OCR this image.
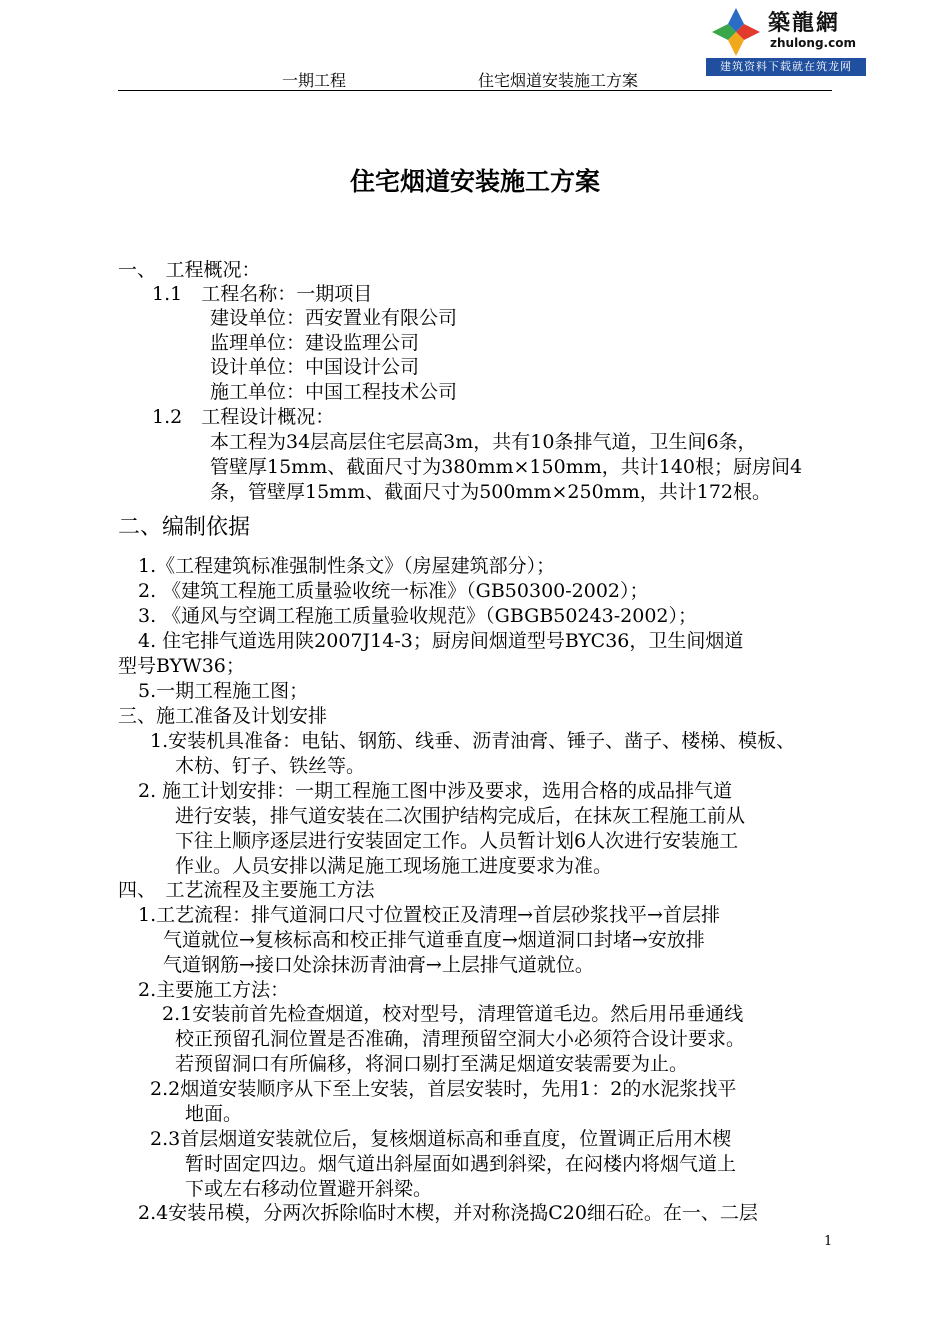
一期工程	住宅烟道安装施工方案
築龍網
zhulong.com
建筑资料下载就在筑龙网
住宅烟道安装施工方案
一、　工程概况：
1.1　工程名称：一期项目
建设单位：西安置业有限公司
监理单位：建设监理公司
设计单位：中国设计公司
施工单位：中国工程技术公司
1.2　工程设计概况：
本工程为34层高层住宅层高3m，共有10条排气道，卫生间6条，
管壁厚15mm、截面尺寸为380mm×150mm，共计140根；厨房间4
条，管壁厚15mm、截面尺寸为500mm×250mm，共计172根。
二、编制依据
1.《工程建筑标准强制性条文》（房屋建筑部分）；
2. 《建筑工程施工质量验收统一标准》（GB50300-2002）；
3. 《通风与空调工程施工质量验收规范》（GBGB50243-2002）；
4. 住宅排气道选用陕2007J14-3；厨房间烟道型号BYC36，卫生间烟道
型号BYW36；
5.一期工程施工图；
三、施工准备及计划安排
1.安装机具准备：电钻、钢筋、线垂、沥青油膏、锤子、凿子、楼梯、模板、
木枋、钉子、铁丝等。
2. 施工计划安排：一期工程施工图中涉及要求，选用合格的成品排气道
进行安装，排气道安装在二次围护结构完成后，在抹灰工程施工前从
下往上顺序逐层进行安装固定工作。人员暂计划6人次进行安装施工
作业。人员安排以满足施工现场施工进度要求为准。
四、　工艺流程及主要施工方法
1.工艺流程：排气道洞口尺寸位置校正及清理→首层砂浆找平→首层排
气道就位→复核标高和校正排气道垂直度→烟道洞口封堵→安放排
气道钢筋→接口处涂抹沥青油膏→上层排气道就位。
2.主要施工方法：
2.1安装前首先检查烟道，校对型号，清理管道毛边。然后用吊垂通线
校正预留孔洞位置是否准确，清理预留空洞大小必须符合设计要求。
若预留洞口有所偏移，将洞口剔打至满足烟道安装需要为止。
2.2烟道安装顺序从下至上安装，首层安装时，先用1：2的水泥浆找平
地面。
2.3首层烟道安装就位后，复核烟道标高和垂直度，位置调正后用木楔
暂时固定四边。烟气道出斜屋面如遇到斜梁，在闷楼内将烟气道上
下或左右移动位置避开斜梁。
2.4安装吊模，分两次拆除临时木楔，并对称浇捣C20细石砼。在一、二层
1
